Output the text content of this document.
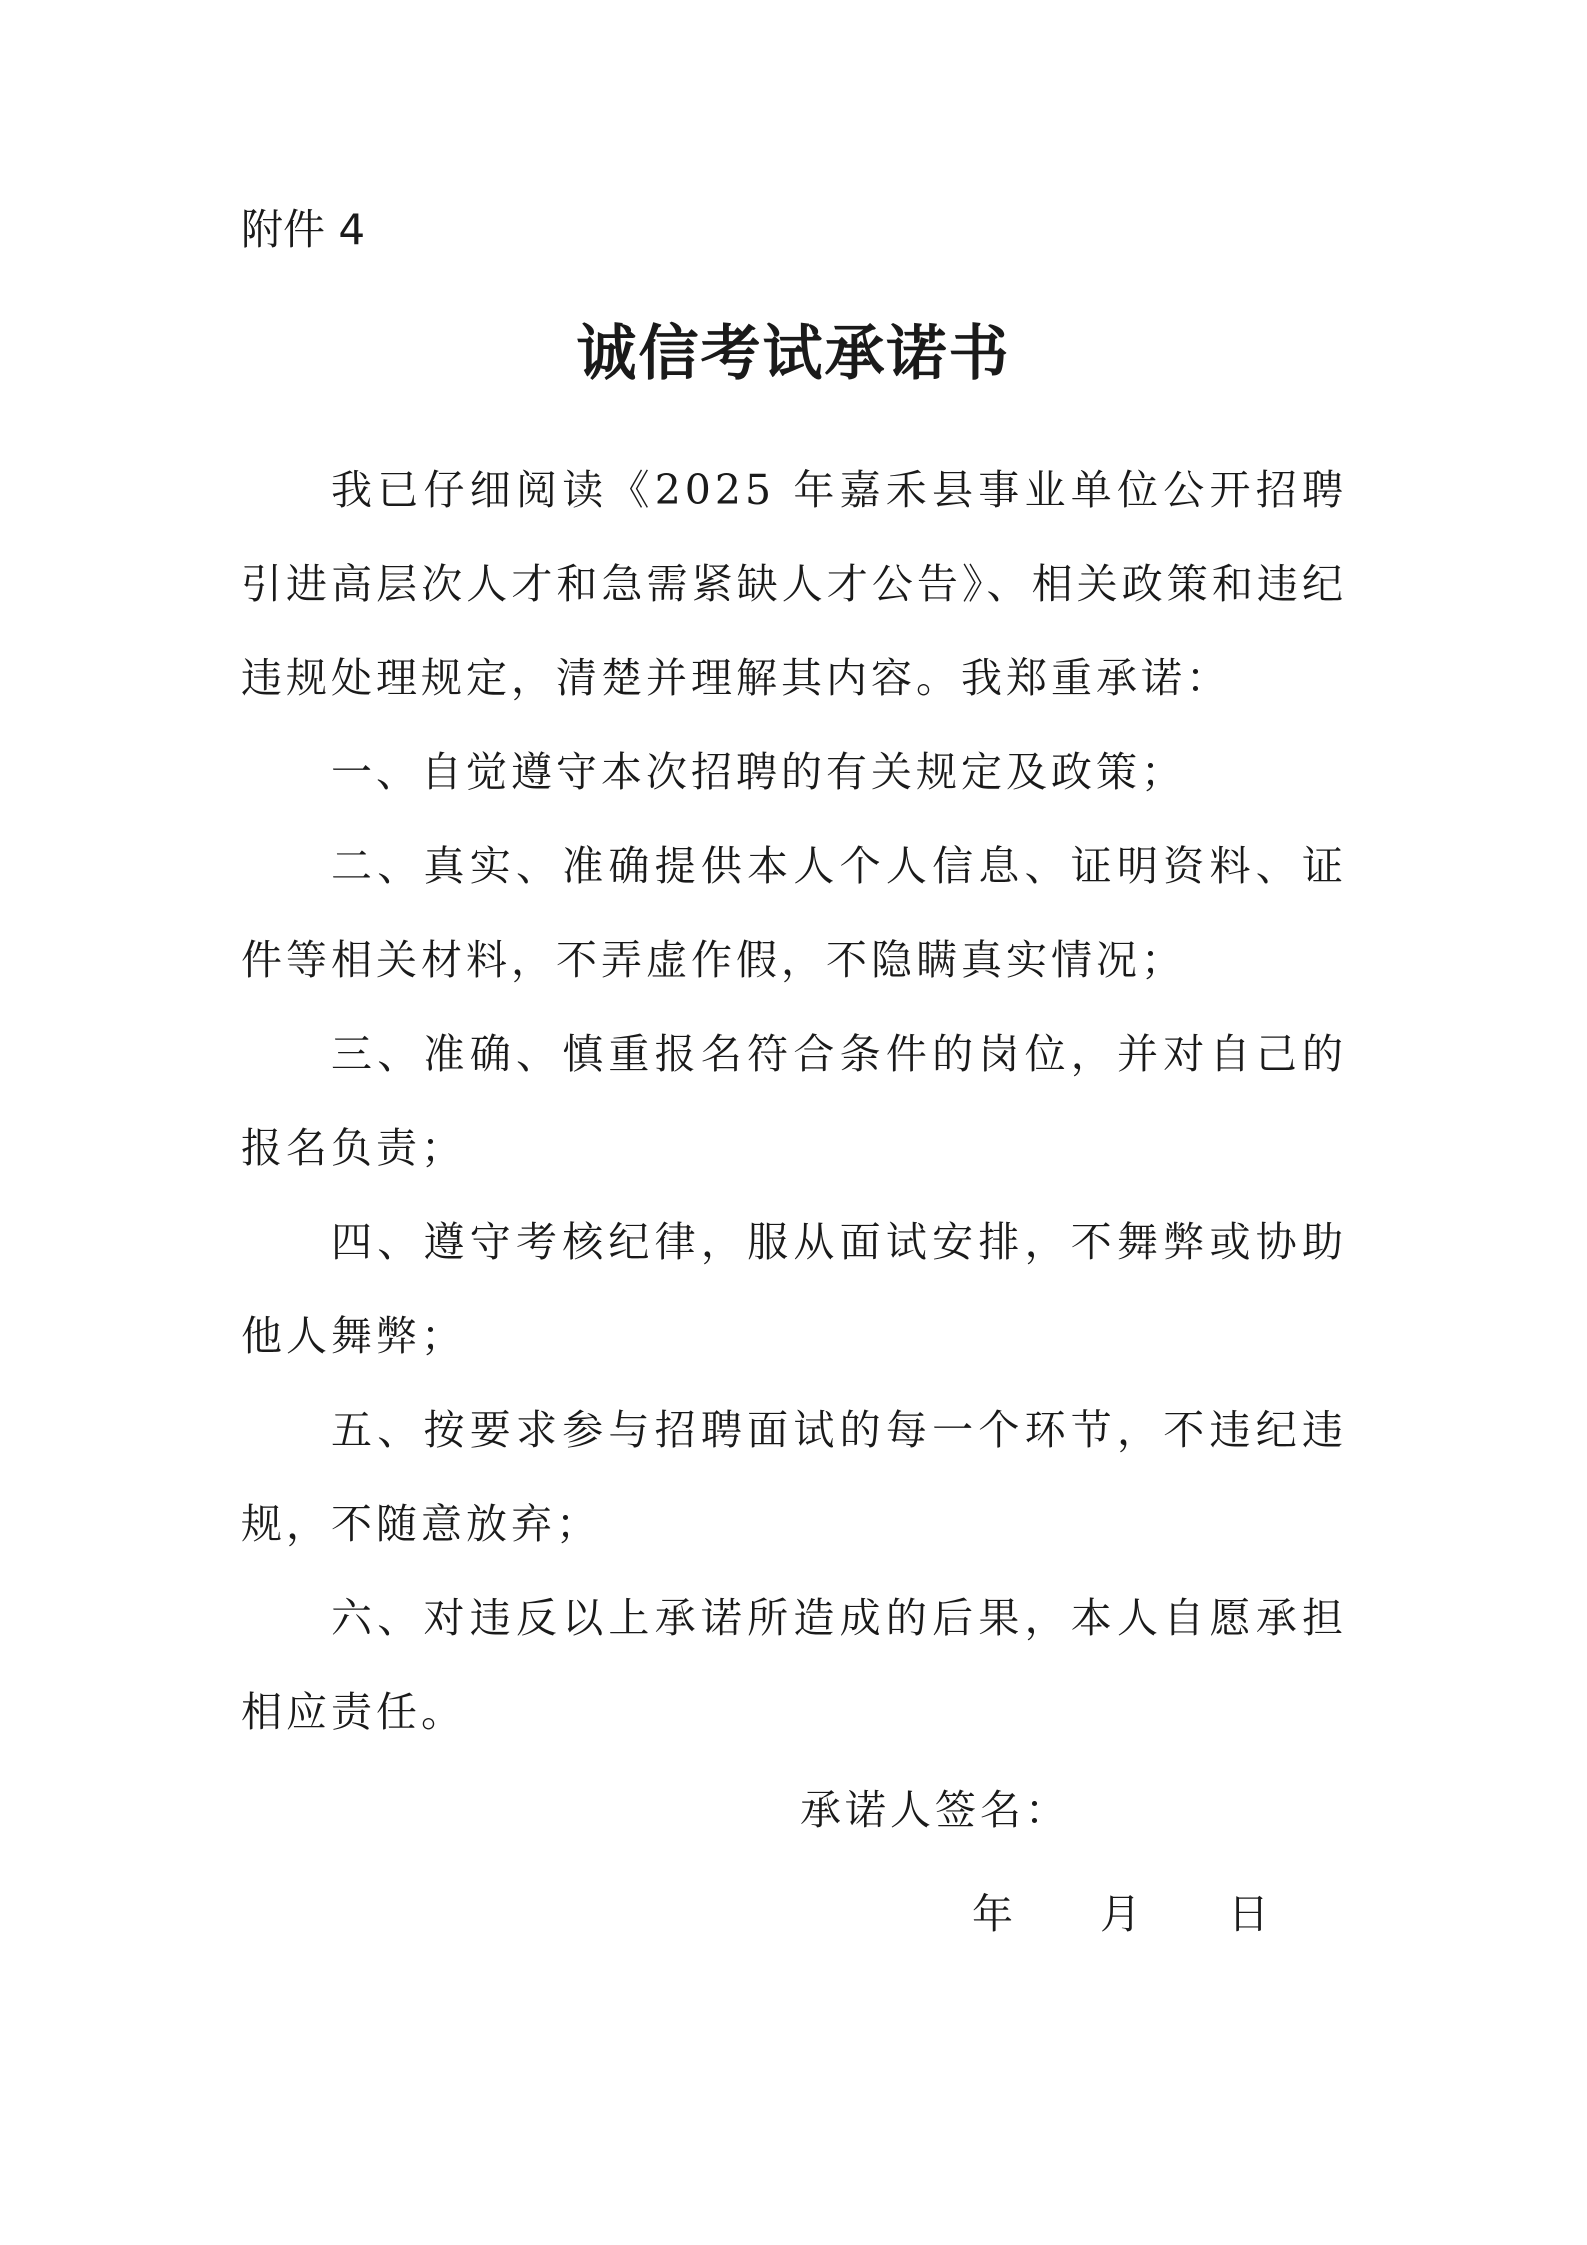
附件 4
诚信考试承诺书

我已仔细阅读《2025 年嘉禾县事业单位公开招聘引进高层次人才和急需紧缺人才公告》、相关政策和违纪违规处理规定，清楚并理解其内容。我郑重承诺：

一、自觉遵守本次招聘的有关规定及政策；

二、真实、准确提供本人个人信息、证明资料、证件等相关材料，不弄虚作假，不隐瞒真实情况；

三、准确、慎重报名符合条件的岗位，并对自己的报名负责；

四、遵守考核纪律，服从面试安排，不舞弊或协助他人舞弊；

五、按要求参与招聘面试的每一个环节，不违纪违规，不随意放弃；

六、对违反以上承诺所造成的后果，本人自愿承担相应责任。

承诺人签名：
年 月 日
